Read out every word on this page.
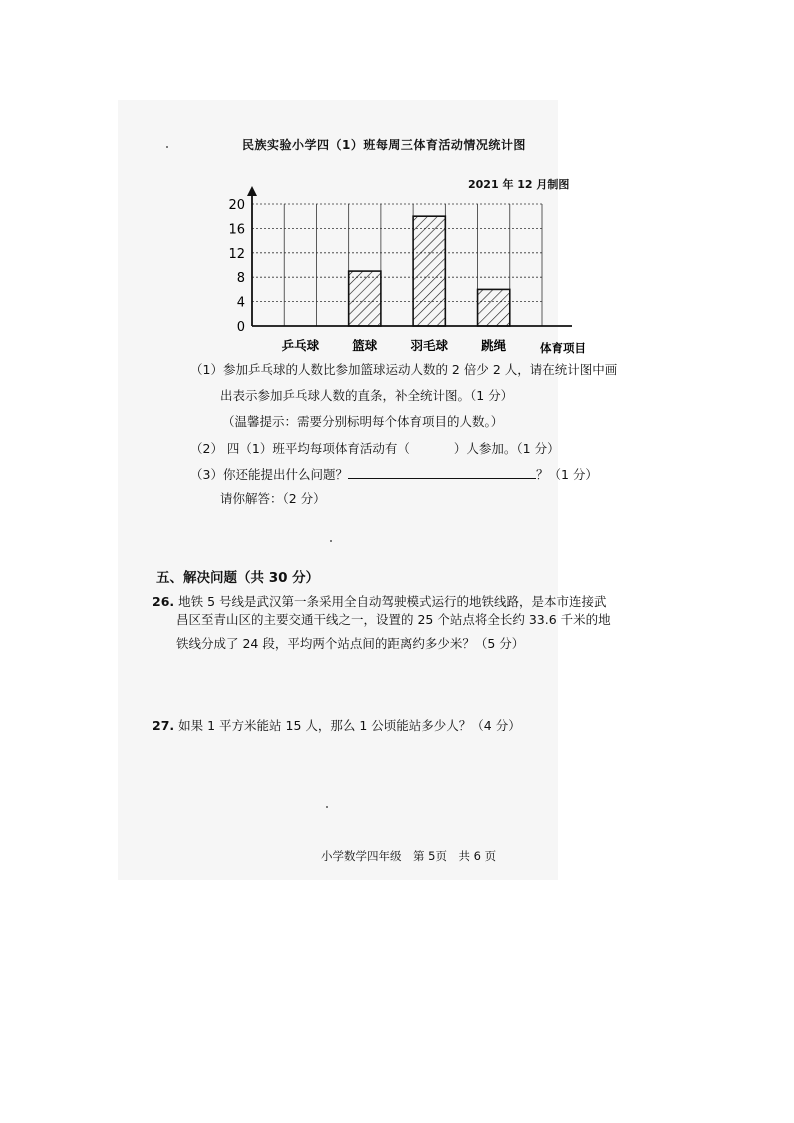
民族实验小学四（1）班每周三体育活动情况统计图
2021 年 12 月制图
0
4
8
12
16
20
乒乓球	篮球	羽毛球	跳绳	体育项目
（1）参加乒乓球的人数比参加篮球运动人数的 2 倍少 2 人，请在统计图中画
出表示参加乒乓球人数的直条，补全统计图。（1 分）
（温馨提示：需要分别标明每个体育项目的人数。）
（2） 四（1）班平均每项体育活动有（	）人参加。（1 分）
（3）你还能提出什么问题？	？（1 分）
请你解答：（2 分）
五、解决问题（共 30 分）
26. 地铁 5 号线是武汉第一条采用全自动驾驶模式运行的地铁线路，是本市连接武
昌区至青山区的主要交通干线之一，设置的 25 个站点将全长约 33.6 千米的地
铁线分成了 24 段，平均两个站点间的距离约多少米？（5 分）
27. 如果 1 平方米能站 15 人，那么 1 公顷能站多少人？（4 分）
小学数学四年级　第 5页　共 6 页
